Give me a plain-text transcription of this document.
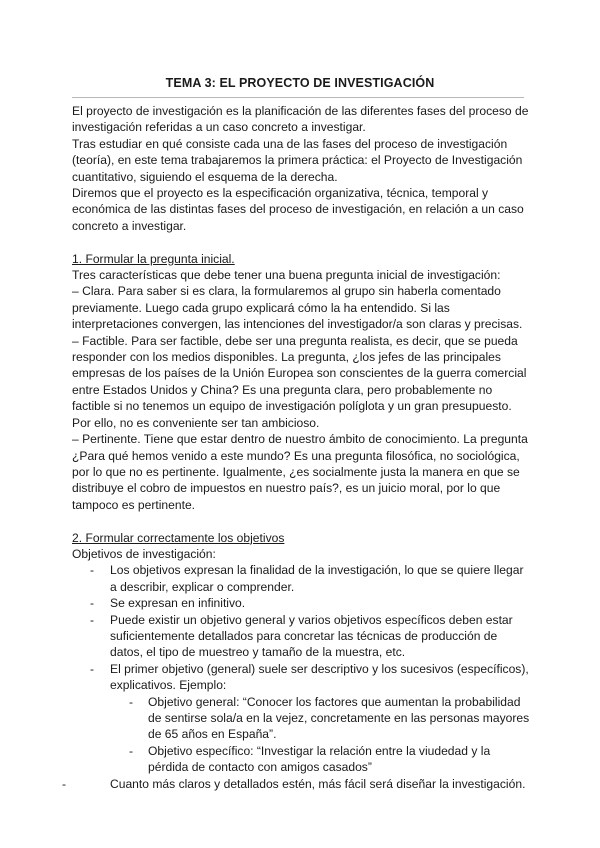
TEMA 3: EL PROYECTO DE INVESTIGACIÓN

El proyecto de investigación es la planificación de las diferentes fases del proceso de investigación referidas a un caso concreto a investigar.

Tras estudiar en qué consiste cada una de las fases del proceso de investigación (teoría), en este tema trabajaremos la primera práctica: el Proyecto de Investigación cuantitativo, siguiendo el esquema de la derecha.

Diremos que el proyecto es la especificación organizativa, técnica, temporal y económica de las distintas fases del proceso de investigación, en relación a un caso concreto a investigar.

1. Formular la pregunta inicial.

Tres características que debe tener una buena pregunta inicial de investigación:

– Clara. Para saber si es clara, la formularemos al grupo sin haberla comentado previamente. Luego cada grupo explicará cómo la ha entendido. Si las interpretaciones convergen, las intenciones del investigador/a son claras y precisas.

– Factible. Para ser factible, debe ser una pregunta realista, es decir, que se pueda responder con los medios disponibles. La pregunta, ¿los jefes de las principales empresas de los países de la Unión Europea son conscientes de la guerra comercial entre Estados Unidos y China? Es una pregunta clara, pero probablemente no factible si no tenemos un equipo de investigación políglota y un gran presupuesto. Por ello, no es conveniente ser tan ambicioso.

– Pertinente. Tiene que estar dentro de nuestro ámbito de conocimiento. La pregunta ¿Para qué hemos venido a este mundo? Es una pregunta filosófica, no sociológica, por lo que no es pertinente. Igualmente, ¿es socialmente justa la manera en que se distribuye el cobro de impuestos en nuestro país?, es un juicio moral, por lo que tampoco es pertinente.

2. Formular correctamente los objetivos

Objetivos de investigación:

- Los objetivos expresan la finalidad de la investigación, lo que se quiere llegar a describir, explicar o comprender.
- Se expresan en infinitivo.
- Puede existir un objetivo general y varios objetivos específicos deben estar suficientemente detallados para concretar las técnicas de producción de datos, el tipo de muestreo y tamaño de la muestra, etc.
- El primer objetivo (general) suele ser descriptivo y los sucesivos (específicos), explicativos. Ejemplo:
- Objetivo general: “Conocer los factores que aumentan la probabilidad de sentirse sola/a en la vejez, concretamente en las personas mayores de 65 años en España”.
- Objetivo específico: “Investigar la relación entre la viudedad y la pérdida de contacto con amigos casados”
-	Cuanto más claros y detallados estén, más fácil será diseñar la investigación.
